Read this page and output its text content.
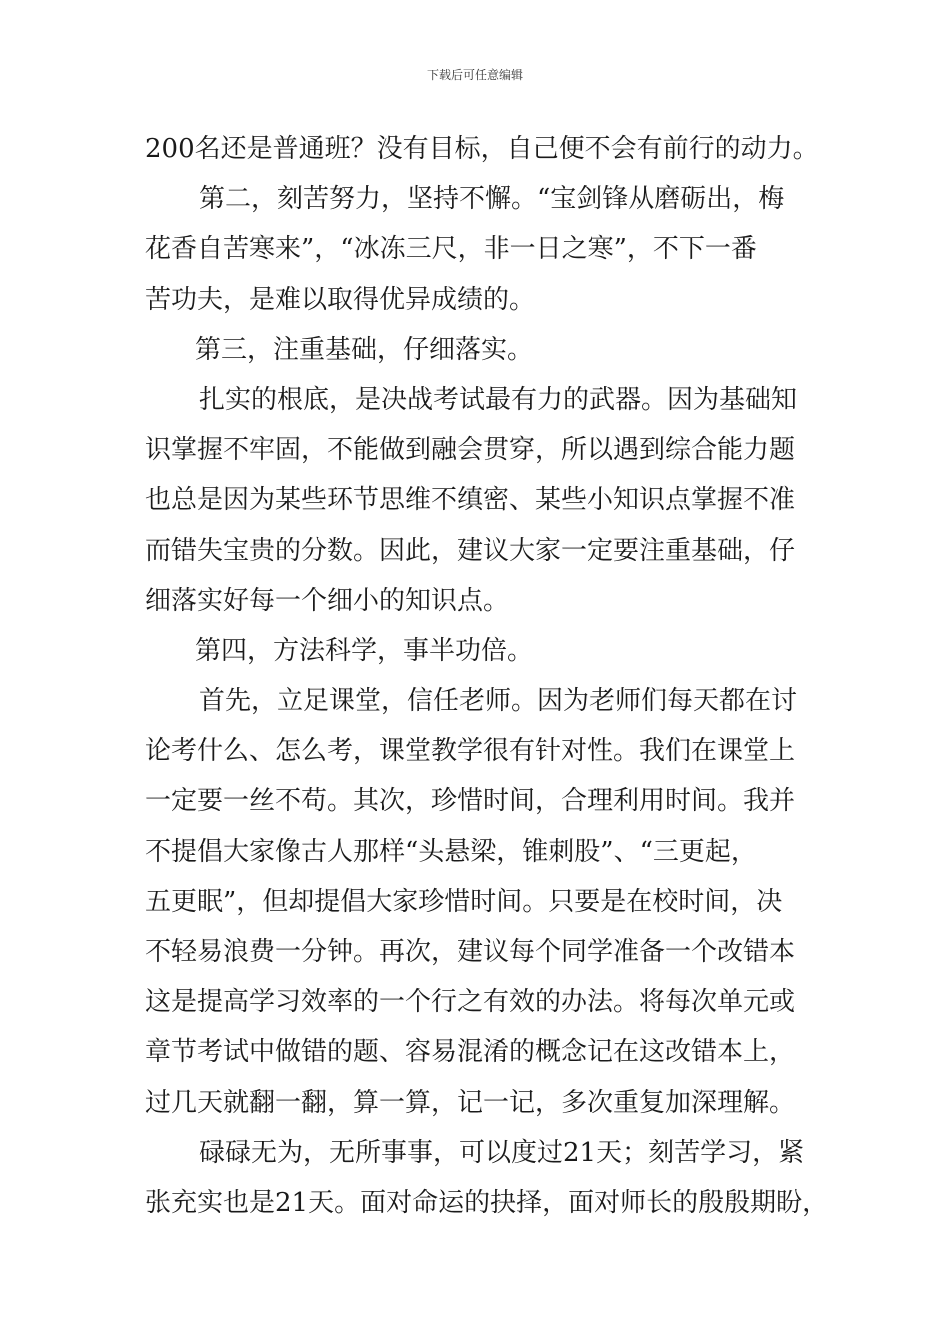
下载后可任意编辑
200名还是普通班？没有目标，自己便不会有前行的动力。
第二，刻苦努力，坚持不懈。“宝剑锋从磨砺出，梅
花香自苦寒来”，“冰冻三尺，非一日之寒”，不下一番
苦功夫，是难以取得优异成绩的。
第三，注重基础，仔细落实。
扎实的根底，是决战考试最有力的武器。因为基础知
识掌握不牢固，不能做到融会贯穿，所以遇到综合能力题
也总是因为某些环节思维不缜密、某些小知识点掌握不准
而错失宝贵的分数。因此，建议大家一定要注重基础，仔
细落实好每一个细小的知识点。
第四，方法科学，事半功倍。
首先，立足课堂，信任老师。因为老师们每天都在讨
论考什么、怎么考，课堂教学很有针对性。我们在课堂上
一定要一丝不苟。其次，珍惜时间，合理利用时间。我并
不提倡大家像古人那样“头悬梁，锥刺股”、“三更起，
五更眠”，但却提倡大家珍惜时间。只要是在校时间，决
不轻易浪费一分钟。再次，建议每个同学准备一个改错本
这是提高学习效率的一个行之有效的办法。将每次单元或
章节考试中做错的题、容易混淆的概念记在这改错本上，
过几天就翻一翻，算一算，记一记，多次重复加深理解。
碌碌无为，无所事事，可以度过21天；刻苦学习，紧
张充实也是21天。面对命运的抉择，面对师长的殷殷期盼，
